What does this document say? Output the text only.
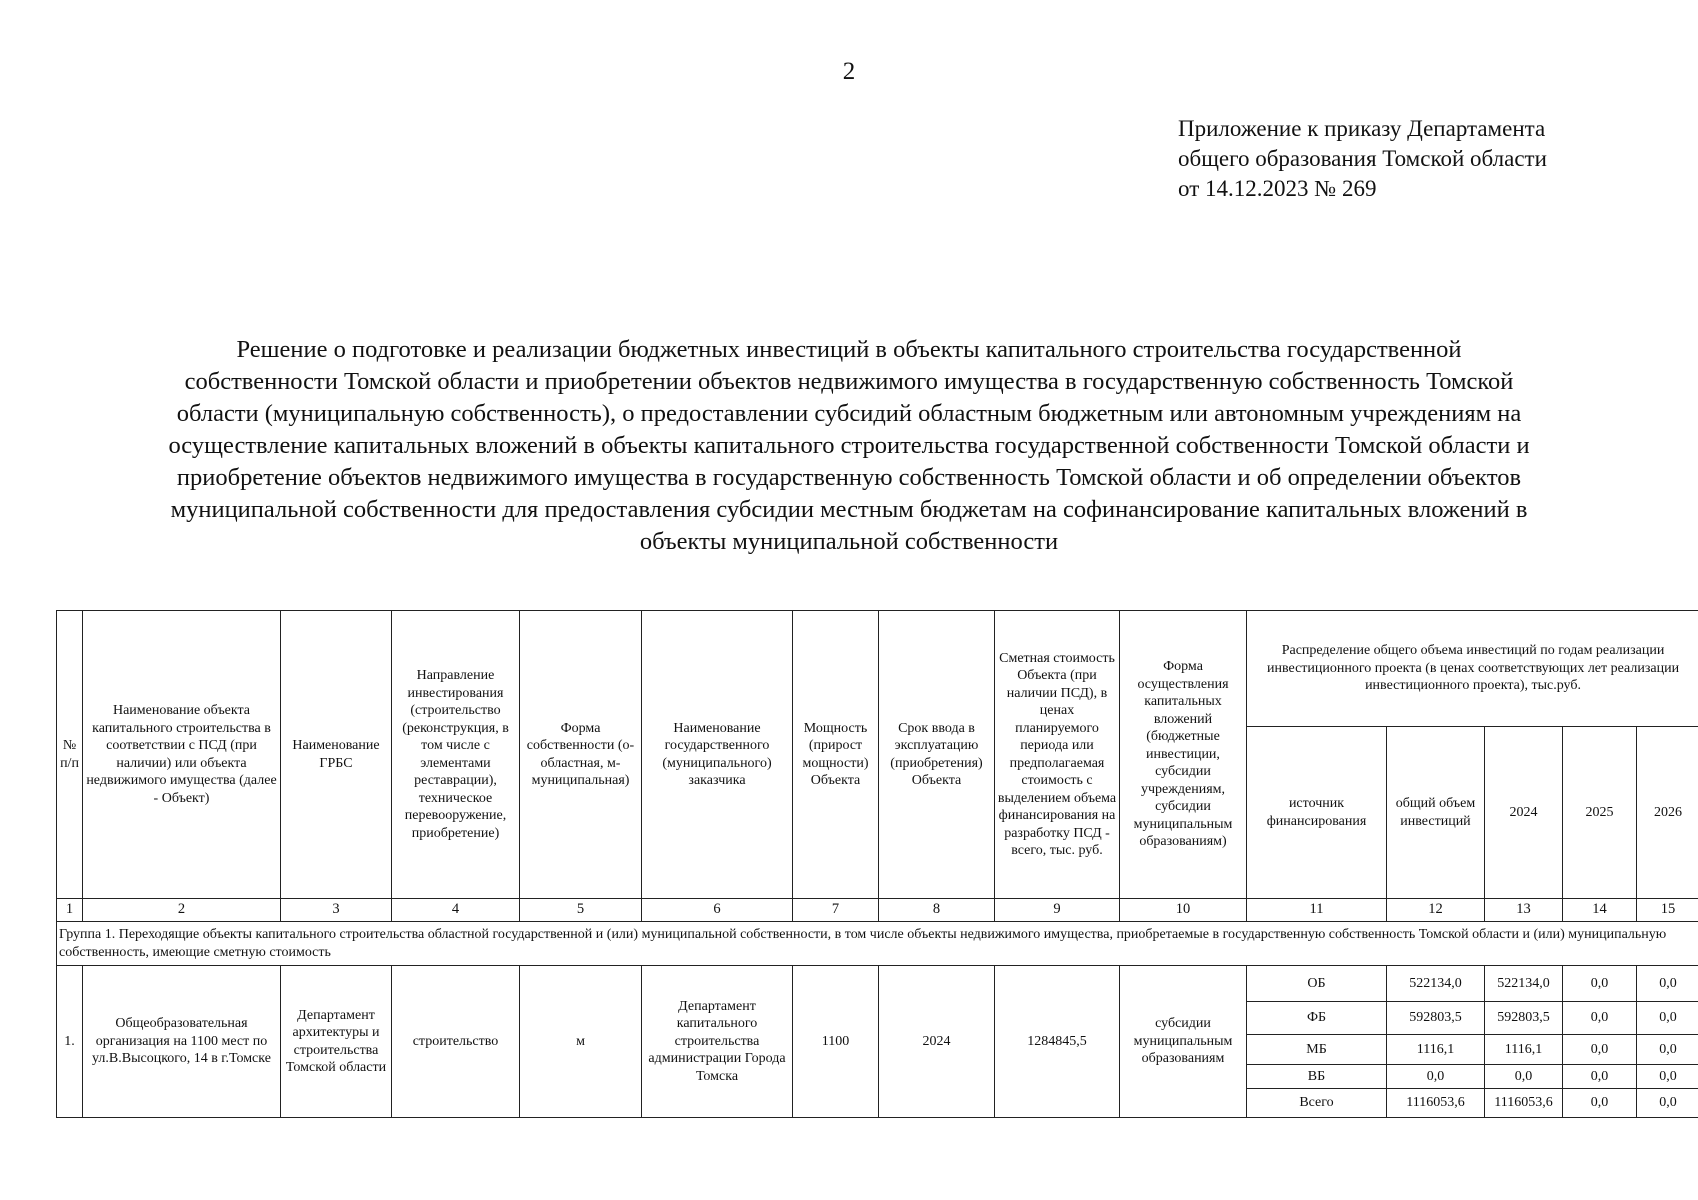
2
Приложение к приказу Департамента
общего образования Томской области
от 14.12.2023 № 269
Решение о подготовке и реализации бюджетных инвестиций в объекты капитального строительства государственной
собственности Томской области и приобретении объектов недвижимого имущества в государственную собственность Томской
области (муниципальную собственность), о предоставлении субсидий областным бюджетным или автономным учреждениям на
осуществление капитальных вложений в объекты капитального строительства государственной собственности Томской области и
приобретение объектов недвижимого имущества в государственную собственность Томской области и об определении объектов
муниципальной собственности для предоставления субсидии местным бюджетам на софинансирование капитальных вложений в
объекты муниципальной собственности
№ п/п	Наименование объекта капитального строительства в соответствии с ПСД (при наличии) или объекта недвижимого имущества (далее - Объект)	Наименование ГРБС	Направление инвестирования (строительство (реконструкция, в том числе с элементами реставрации), техническое перевооружение, приобретение)	Форма собственности (о-областная, м-муниципальная)	Наименование государственного (муниципального) заказчика	Мощность (прирост мощности) Объекта	Срок ввода в эксплуатацию (приобретения) Объекта	Сметная стоимость Объекта (при наличии ПСД), в ценах планируемого периода или предполагаемая стоимость с выделением объема финансирования на разработку ПСД - всего, тыс. руб.	Форма осуществления капитальных вложений (бюджетные инвестиции, субсидии учреждениям, субсидии муниципальным образованиям)	Распределение общего объема инвестиций по годам реализации инвестиционного проекта (в ценах соответствующих лет реализации инвестиционного проекта), тыс.руб.				
										источник финансирования	общий объем инвестиций	2024	2025	2026
1	2	3	4	5	6	7	8	9	10	11	12	13	14	15
Группа 1. Переходящие объекты капитального строительства областной государственной и (или) муниципальной собственности, в том числе объекты недвижимого имущества, приобретаемые в государственную собственность Томской области и (или) муниципальную собственность, имеющие сметную стоимость														
1.	Общеобразовательная организация на 1100 мест по ул.В.Высоцкого, 14 в г.Томске	Департамент архитектуры и строительства Томской области	строительство	м	Департамент капитального строительства администрации Города Томска	1100	2024	1284845,5	субсидии муниципальным образованиям	ОБ	522134,0	522134,0	0,0	0,0
										ФБ	592803,5	592803,5	0,0	0,0
										МБ	1116,1	1116,1	0,0	0,0
										ВБ	0,0	0,0	0,0	0,0
										Всего	1116053,6	1116053,6	0,0	0,0
